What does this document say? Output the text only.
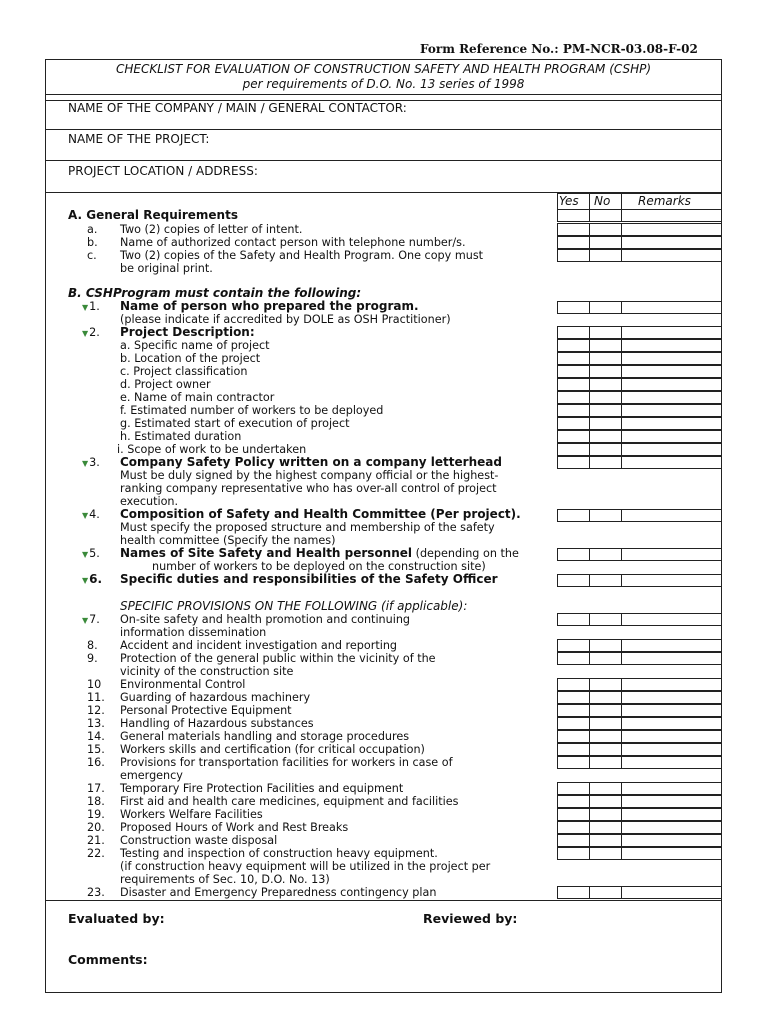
Form Reference No.: PM-NCR-03.08-F-02
CHECKLIST FOR EVALUATION OF CONSTRUCTION SAFETY AND HEALTH PROGRAM (CSHP)
per requirements of D.O. No. 13 series of 1998
NAME OF THE COMPANY / MAIN / GENERAL CONTACTOR:
NAME OF THE PROJECT:
PROJECT LOCATION / ADDRESS:
Yes No Remarks
A. General Requirements
a. Two (2) copies of letter of intent.
b. Name of authorized contact person with telephone number/s.
c. Two (2) copies of the Safety and Health Program. One copy must
be original print.
B. CSHProgram must contain the following:
▼1. Name of person who prepared the program.
(please indicate if accredited by DOLE as OSH Practitioner)
▼2. Project Description:
a. Specific name of project
b. Location of the project
c. Project classification
d. Project owner
e. Name of main contractor
f. Estimated number of workers to be deployed
g. Estimated start of execution of project
h. Estimated duration
i. Scope of work to be undertaken
▼3. Company Safety Policy written on a company letterhead
Must be duly signed by the highest company official or the highest-
ranking company representative who has over-all control of project
execution.
▼4. Composition of Safety and Health Committee (Per project).
Must specify the proposed structure and membership of the safety
health committee (Specify the names)
▼5. Names of Site Safety and Health personnel (depending on the
number of workers to be deployed on the construction site)
▼6. Specific duties and responsibilities of the Safety Officer
SPECIFIC PROVISIONS ON THE FOLLOWING (if applicable):
▼7. On-site safety and health promotion and continuing
information dissemination
8. Accident and incident investigation and reporting
9. Protection of the general public within the vicinity of the
vicinity of the construction site
10 Environmental Control
11. Guarding of hazardous machinery
12. Personal Protective Equipment
13. Handling of Hazardous substances
14. General materials handling and storage procedures
15. Workers skills and certification (for critical occupation)
16. Provisions for transportation facilities for workers in case of
emergency
17. Temporary Fire Protection Facilities and equipment
18. First aid and health care medicines, equipment and facilities
19. Workers Welfare Facilities
20. Proposed Hours of Work and Rest Breaks
21. Construction waste disposal
22. Testing and inspection of construction heavy equipment.
(if construction heavy equipment will be utilized in the project per
requirements of Sec. 10, D.O. No. 13)
23. Disaster and Emergency Preparedness contingency plan
Evaluated by:	Reviewed by:
Comments:
